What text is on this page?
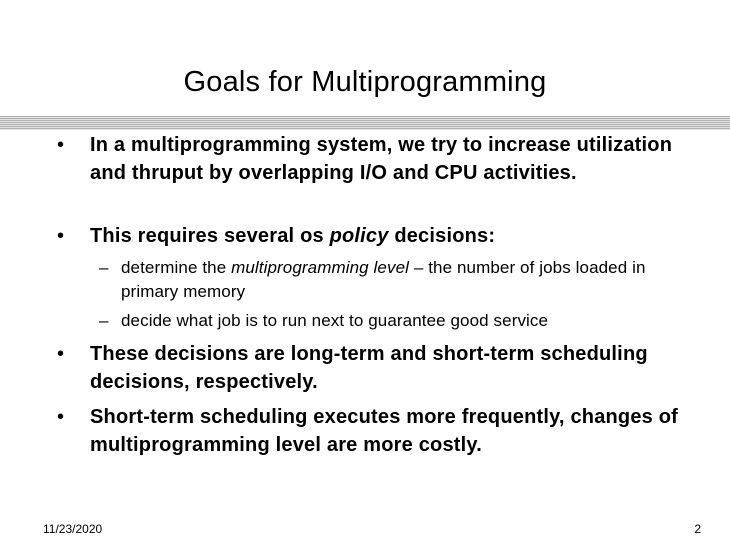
Goals for Multiprogramming
• In a multiprogramming system, we try to increase utilization and thruput by overlapping I/O and CPU activities.
• This requires several os policy decisions:
– determine the multiprogramming level – the number of jobs loaded in primary memory
– decide what job is to run next to guarantee good service
• These decisions are long-term and short-term scheduling decisions, respectively.
• Short-term scheduling executes more frequently, changes of multiprogramming level are more costly.
11/23/2020	2
